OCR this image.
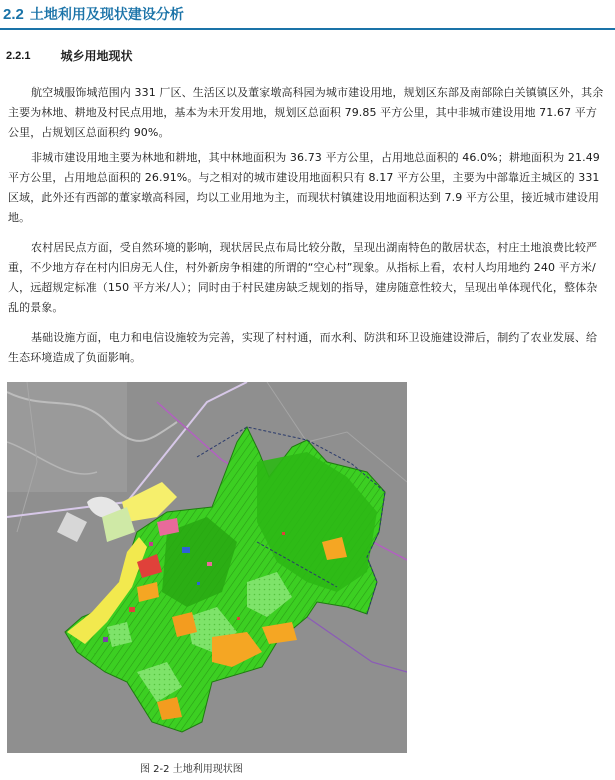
2.2 土地利用及现状建设分析
2.2.1	城乡用地现状

航空城服饰城范围内 331 厂区、生活区以及董家墩高科园为城市建设用地，规划区东部及南部除白关镇镇区外，其余主要为林地、耕地及村民点用地，基本为未开发用地，规划区总面积 79.85 平方公里，其中非城市建设用地 71.67 平方公里，占规划区总面积约 90%。

非城市建设用地主要为林地和耕地，其中林地面积为 36.73 平方公里，占用地总面积的 46.0%；耕地面积为 21.49 平方公里，占用地总面积的 26.91%。与之相对的城市建设用地面积只有 8.17 平方公里，主要为中部靠近主城区的 331 区域，此外还有西部的董家墩高科园，均以工业用地为主，而现状村镇建设用地面积达到 7.9 平方公里，接近城市建设用地。

农村居民点方面，受自然环境的影响，现状居民点布局比较分散，呈现出湖南特色的散居状态，村庄土地浪费比较严重，不少地方存在村内旧房无人住，村外新房争相建的所谓的“空心村”现象。从指标上看，农村人均用地约 240 平方米/人，远超规定标准（150 平方米/人）；同时由于村民建房缺乏规划的指导，建房随意性较大，呈现出单体现代化，整体杂乱的景象。

基础设施方面，电力和电信设施较为完善，实现了村村通，而水利、防洪和环卫设施建设滞后，制约了农业发展、给生态环境造成了负面影响。

图 2-2 土地利用现状图
